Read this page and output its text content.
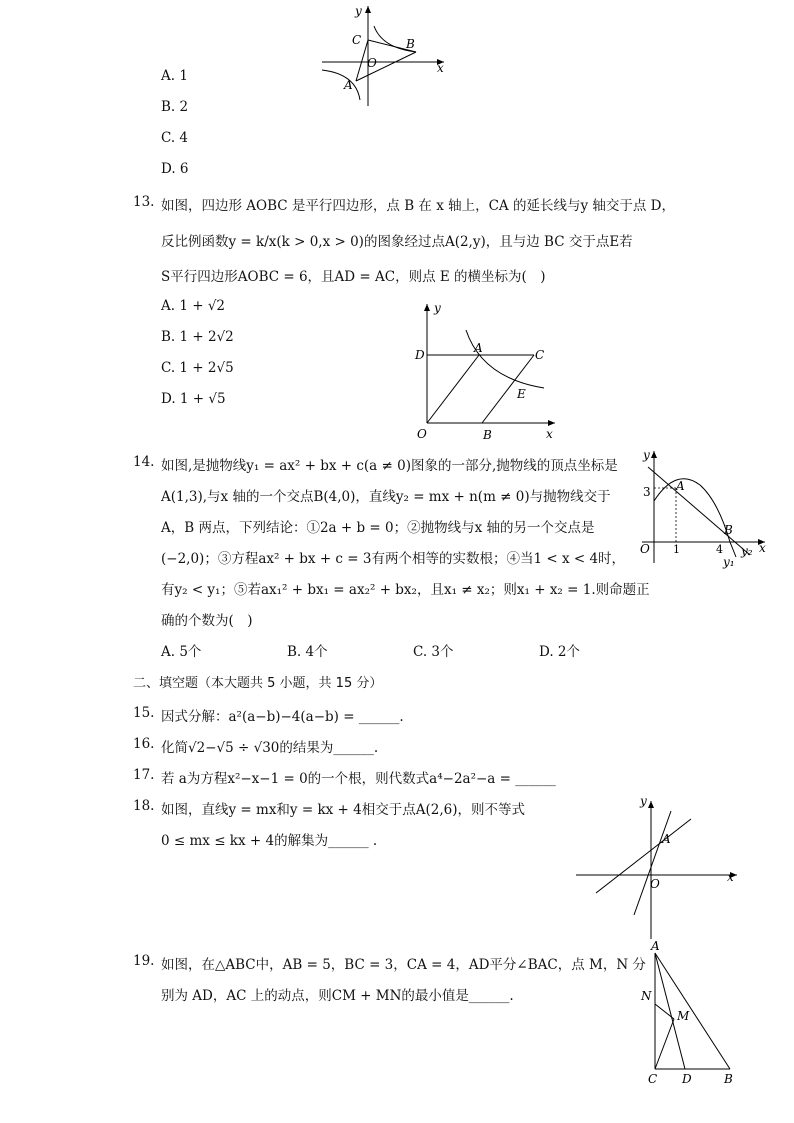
y
x
C	B
O
A
A. 1
B. 2
C. 4
D. 6
13. 如图，四边形 AOBC 是平行四边形，点 B 在 x 轴上，CA 的延长线与y 轴交于点 D，
反比例函数y = k/x(k > 0,x > 0)的图象经过点A(2,y)，且与边 BC 交于点E若
S平行四边形AOBC = 6，且AD = AC，则点 E 的横坐标为(　)
A. 1 + √2
B. 1 + 2√2
C. 1 + 2√5
D. 1 + √5
y
x
D	A	C
E
O	B
14. 如图,是抛物线y₁ = ax² + bx + c(a ≠ 0)图象的一部分,抛物线的顶点坐标是
A(1,3),与x 轴的一个交点B(4,0)，直线y₂ = mx + n(m ≠ 0)与抛物线交于
A，B 两点，下列结论：①2a + b = 0；②抛物线与x 轴的另一个交点是
(−2,0)；③方程ax² + bx + c = 3有两个相等的实数根；④当1 < x < 4时，
有y₂ < y₁；⑤若ax₁² + bx₁ = ax₂² + bx₂，且x₁ ≠ x₂；则x₁ + x₂ = 1.则命题正
确的个数为(　)
A. 5个	B. 4个	C. 3个	D. 2个
y
x
3 A
B
O 1	4 y₂
y₁
二、填空题（本大题共 5 小题，共 15 分）
15. 因式分解：a²(a−b)−4(a−b) = ______.
16. 化简√2−√5 ÷ √30的结果为______.
17. 若 a为方程x²−x−1 = 0的一个根，则代数式a⁴−2a²−a = ______
18. 如图，直线y = mx和y = kx + 4相交于点A(2,6)，则不等式
0 ≤ mx ≤ kx + 4的解集为______ .
y
x
A
O
19. 如图，在△ABC中，AB = 5，BC = 3，CA = 4，AD平分∠BAC，点 M，N 分
别为 AD，AC 上的动点，则CM + MN的最小值是______.
A
N
M
C D	B
